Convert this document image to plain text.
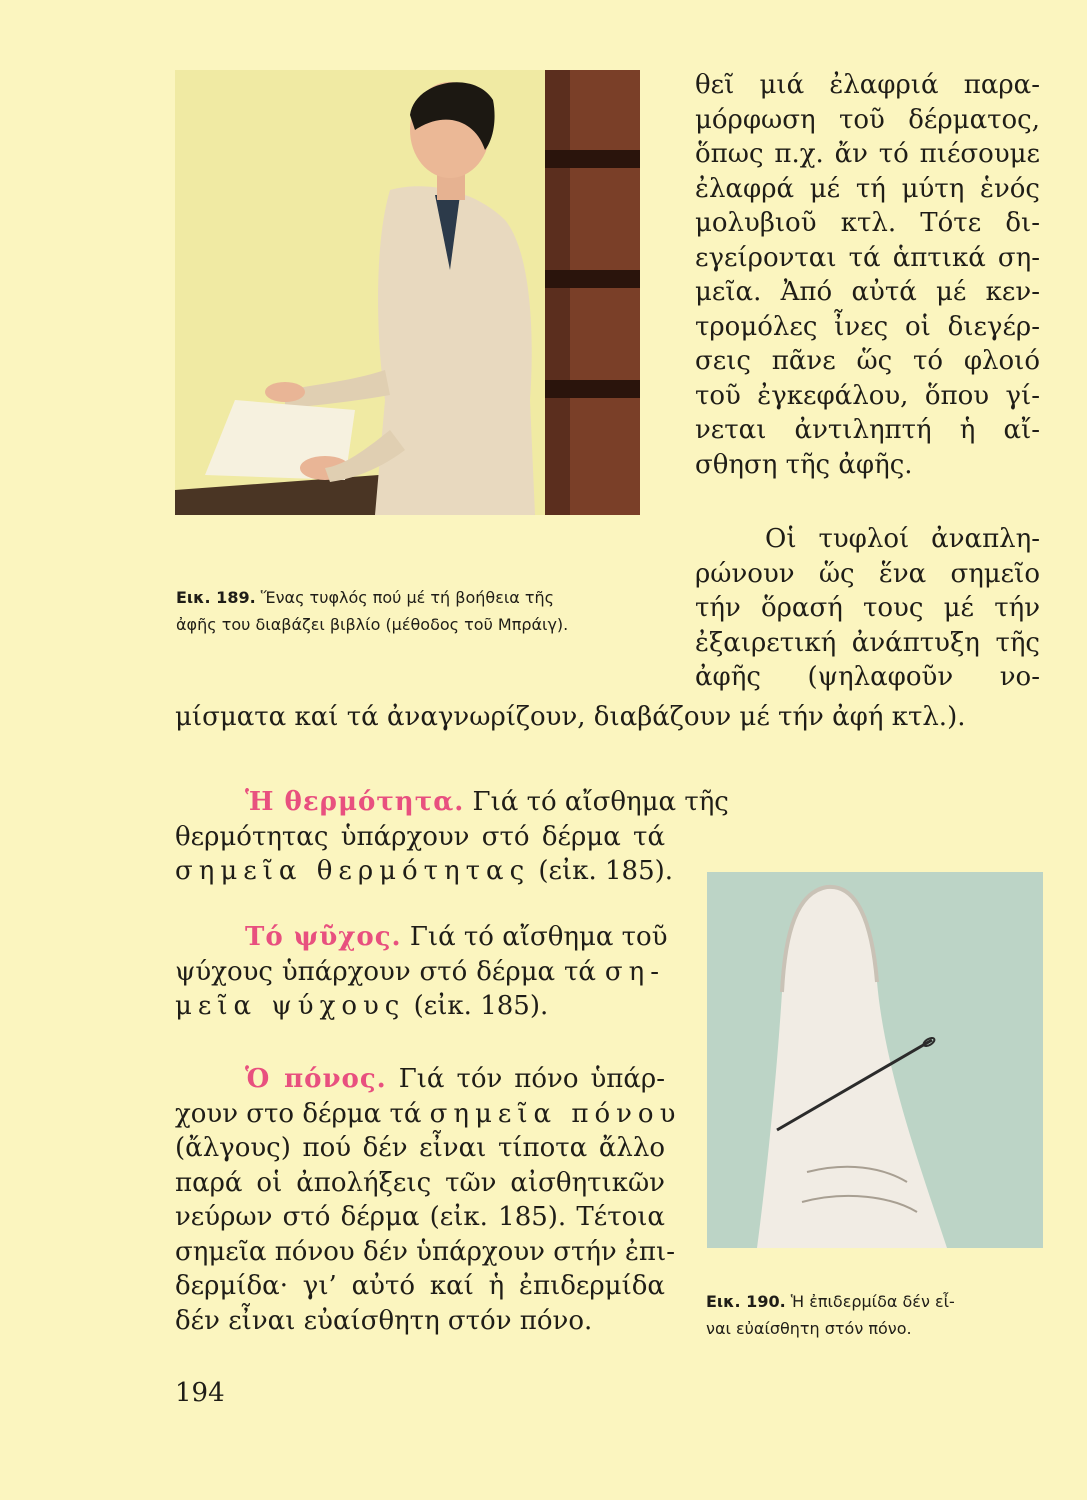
Εικ. 189. Ἕνας τυφλός πού μέ τή βοήθεια τῆς
ἀφῆς του διαβάζει βιβλίο (μέθοδος τοῦ Μπράιγ).
θεῖ μιά ἐλαφριά παρα-
μόρφωση τοῦ δέρματος,
ὅπως π.χ. ἄν τό πιέσουμε
ἐλαφρά μέ τή μύτη ἑνός
μολυβιοῦ κτλ. Τότε δι-
εγείρονται τά ἁπτικά ση-
μεῖα. Ἀπό αὐτά μέ κεν-
τρομόλες ἶνες οἱ διεγέρ-
σεις πᾶνε ὥς τό φλοιό
τοῦ ἐγκεφάλου, ὅπου γί-
νεται ἀντιληπτή ἡ αἴ-
σθηση τῆς ἀφῆς.
Οἱ τυφλοί ἀναπλη-
ρώνουν ὥς ἕνα σημεῖο
τήν ὅρασή τους μέ τήν
ἐξαιρετική ἀνάπτυξη τῆς
ἀφῆς (ψηλαφοῦν νο-
μίσματα καί τά ἀναγνωρίζουν, διαβάζουν μέ τήν ἀφή κτλ.).
Ἡ θερμότητα. Γιά τό αἴσθημα τῆς
θερμότητας ὑπάρχουν στό δέρμα τά
σημεῖα θερμότητας (εἰκ. 185).
Τό ψῦχος. Γιά τό αἴσθημα τοῦ
ψύχους ὑπάρχουν στό δέρμα τά ση-
μεῖα ψύχους (εἰκ. 185).
Ὁ πόνος. Γιά τόν πόνο ὑπάρ-
χουν στο δέρμα τά σημεῖα πόνου
(ἄλγους) πού δέν εἶναι τίποτα ἄλλο
παρά οἱ ἀπολήξεις τῶν αἰσθητικῶν
νεύρων στό δέρμα (εἰκ. 185). Τέτοια
σημεῖα πόνου δέν ὑπάρχουν στήν ἐπι-
δερμίδα· γι’ αὐτό καί ἡ ἐπιδερμίδα
δέν εἶναι εὐαίσθητη στόν πόνο.
Εικ. 190. Ἡ ἐπιδερμίδα δέν εἶ-
ναι εὐαίσθητη στόν πόνο.
194
